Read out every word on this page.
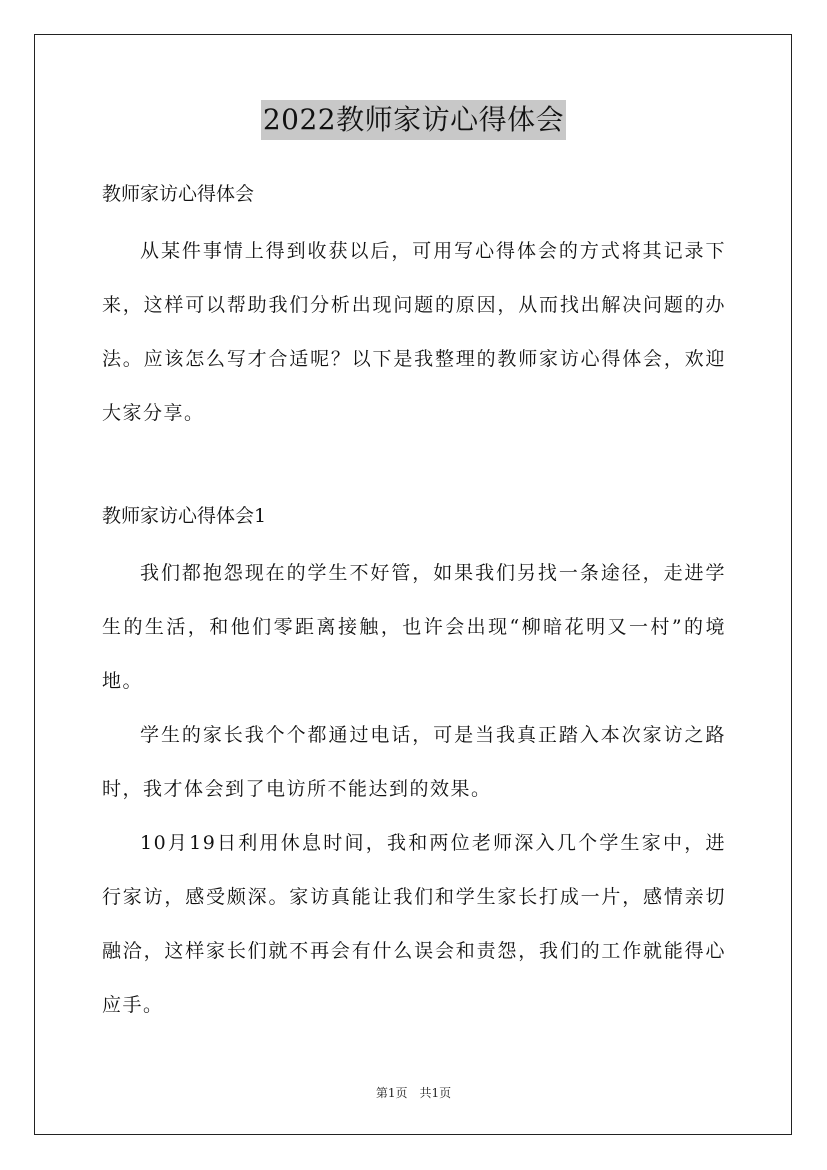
2022教师家访心得体会

教师家访心得体会

从某件事情上得到收获以后，可用写心得体会的方式将其记录下来，这样可以帮助我们分析出现问题的原因，从而找出解决问题的办法。应该怎么写才合适呢？以下是我整理的教师家访心得体会，欢迎大家分享。

教师家访心得体会1

我们都抱怨现在的学生不好管，如果我们另找一条途径，走进学生的生活，和他们零距离接触，也许会出现“柳暗花明又一村”的境地。

学生的家长我个个都通过电话，可是当我真正踏入本次家访之路时，我才体会到了电访所不能达到的效果。

10月19日利用休息时间，我和两位老师深入几个学生家中，进行家访，感受颇深。家访真能让我们和学生家长打成一片，感情亲切融洽，这样家长们就不再会有什么误会和责怨，我们的工作就能得心应手。

第1页 共1页
